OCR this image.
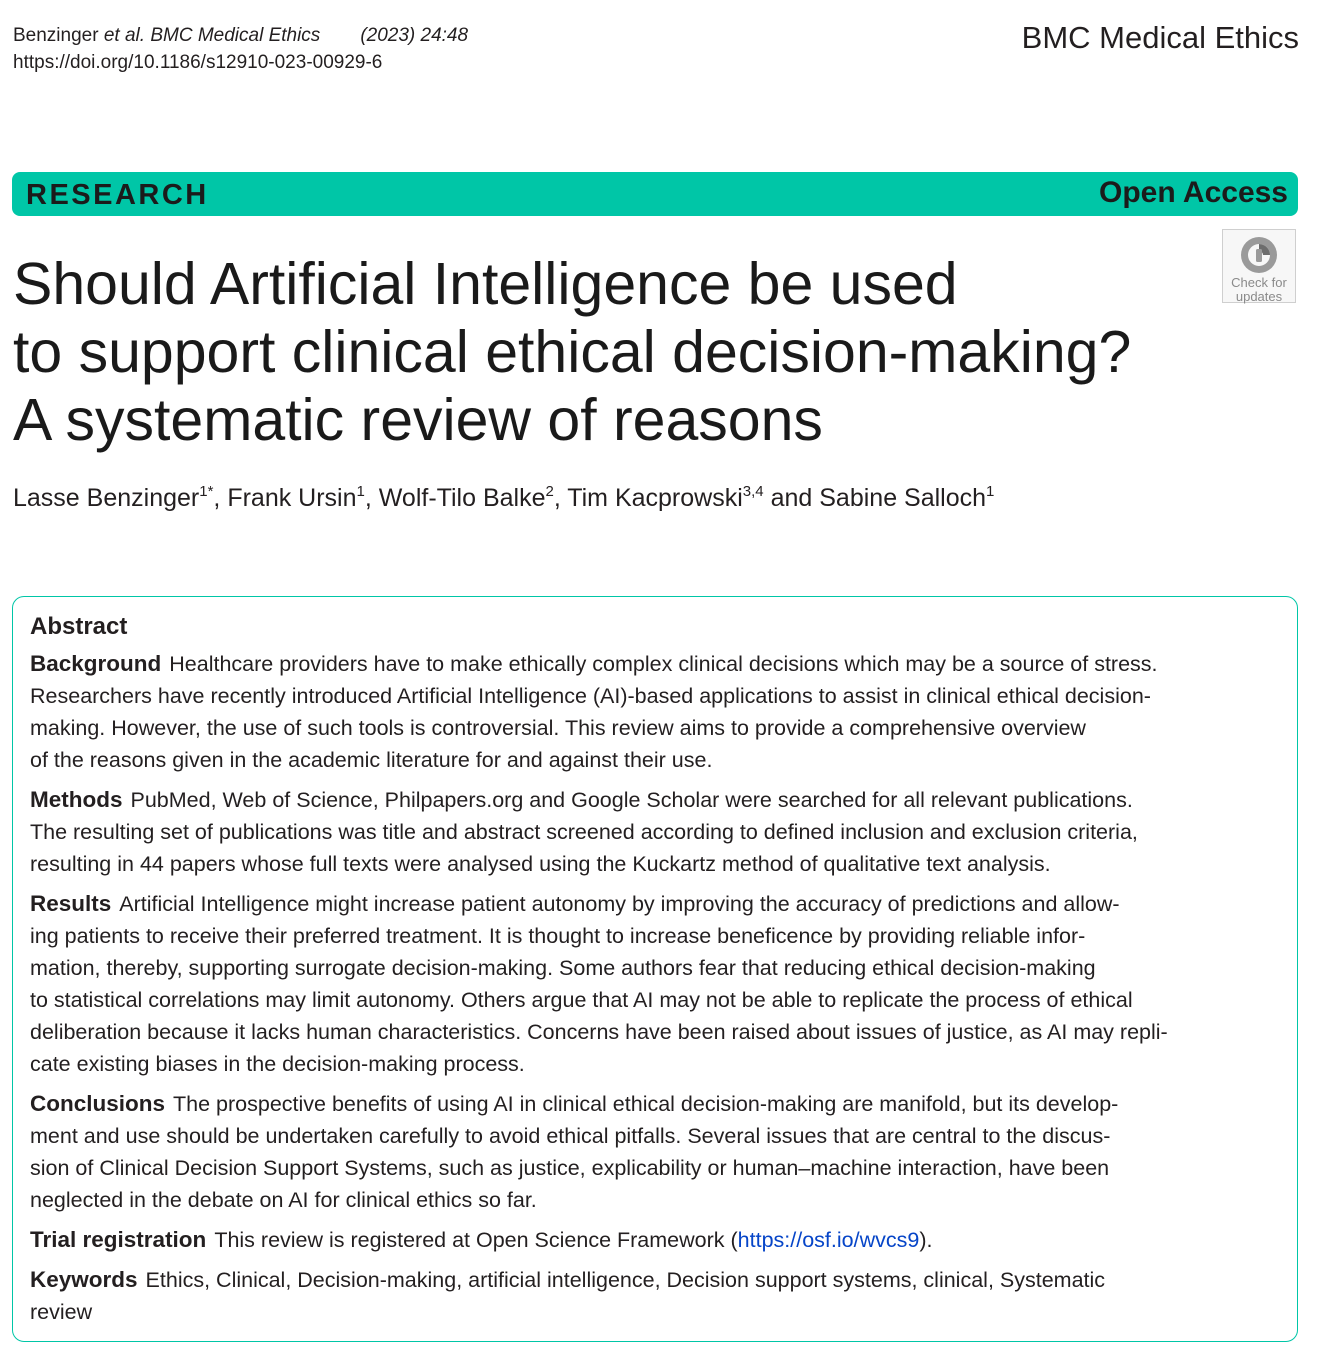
Benzinger et al. BMC Medical Ethics (2023) 24:48
https://doi.org/10.1186/s12910-023-00929-6
BMC Medical Ethics
RESEARCH	Open Access
Check for
updates
Should Artificial Intelligence be used
to support clinical ethical decision-making?
A systematic review of reasons
Lasse Benzinger$^{1*}$, Frank Ursin$^1$, Wolf-Tilo Balke$^2$, Tim Kacprowski$^{3,4}$ and Sabine Salloch$^1$
Abstract
Background Healthcare providers have to make ethically complex clinical decisions which may be a source of stress.
Researchers have recently introduced Artificial Intelligence (AI)-based applications to assist in clinical ethical decision-
making. However, the use of such tools is controversial. This review aims to provide a comprehensive overview
of the reasons given in the academic literature for and against their use.
Methods PubMed, Web of Science, Philpapers.org and Google Scholar were searched for all relevant publications.
The resulting set of publications was title and abstract screened according to defined inclusion and exclusion criteria,
resulting in 44 papers whose full texts were analysed using the Kuckartz method of qualitative text analysis.
Results Artificial Intelligence might increase patient autonomy by improving the accuracy of predictions and allow-
ing patients to receive their preferred treatment. It is thought to increase beneficence by providing reliable infor-
mation, thereby, supporting surrogate decision-making. Some authors fear that reducing ethical decision-making
to statistical correlations may limit autonomy. Others argue that AI may not be able to replicate the process of ethical
deliberation because it lacks human characteristics. Concerns have been raised about issues of justice, as AI may repli-
cate existing biases in the decision-making process.
Conclusions The prospective benefits of using AI in clinical ethical decision-making are manifold, but its develop-
ment and use should be undertaken carefully to avoid ethical pitfalls. Several issues that are central to the discus-
sion of Clinical Decision Support Systems, such as justice, explicability or human–machine interaction, have been
neglected in the debate on AI for clinical ethics so far.
Trial registration This review is registered at Open Science Framework (https://osf.io/wvcs9).
Keywords Ethics, Clinical, Decision-making, artificial intelligence, Decision support systems, clinical, Systematic
review
